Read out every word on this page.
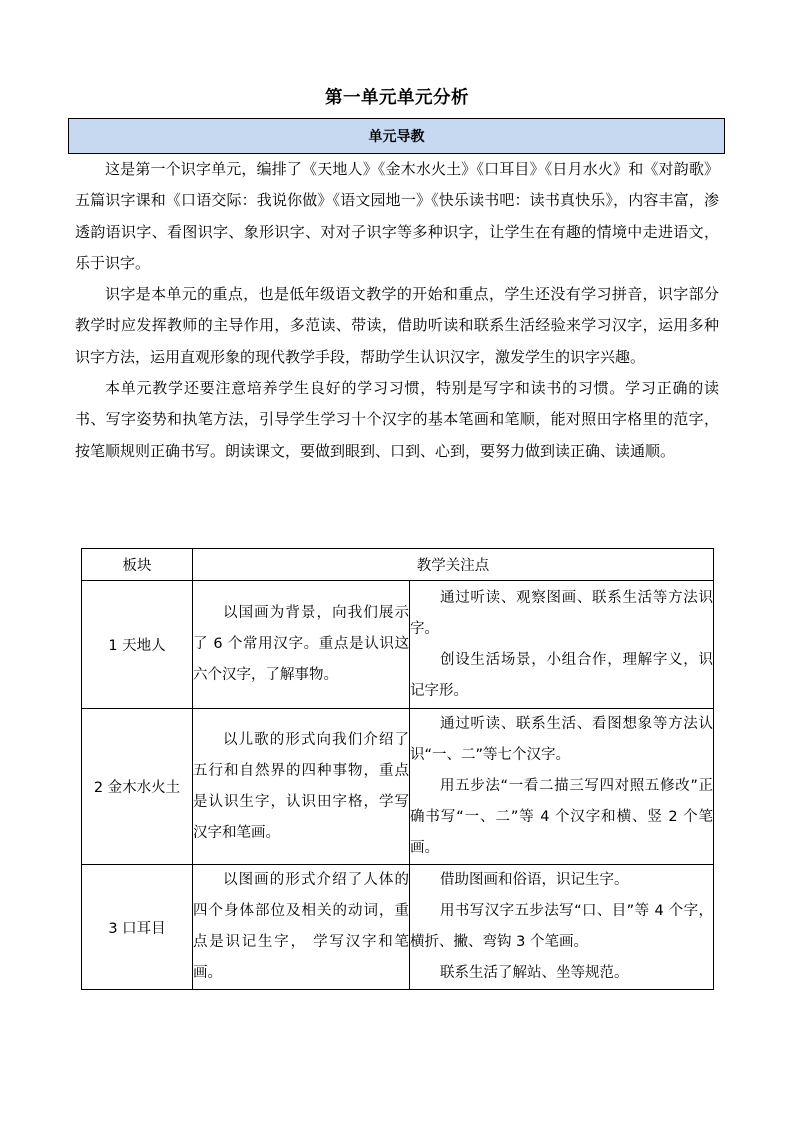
第一单元单元分析
单元导教

这是第一个识字单元，编排了《天地人》《金木水火土》《口耳目》《日月水火》和《对韵歌》五篇识字课和《口语交际：我说你做》《语文园地一》《快乐读书吧：读书真快乐》，内容丰富，渗透韵语识字、看图识字、象形识字、对对子识字等多种识字，让学生在有趣的情境中走进语文，乐于识字。

识字是本单元的重点，也是低年级语文教学的开始和重点，学生还没有学习拼音，识字部分教学时应发挥教师的主导作用，多范读、带读，借助听读和联系生活经验来学习汉字，运用多种识字方法，运用直观形象的现代教学手段，帮助学生认识汉字，激发学生的识字兴趣。

本单元教学还要注意培养学生良好的学习习惯，特别是写字和读书的习惯。学习正确的读书、写字姿势和执笔方法，引导学生学习十个汉字的基本笔画和笔顺，能对照田字格里的范字，按笔顺规则正确书写。朗读课文，要做到眼到、口到、心到，要努力做到读正确、读通顺。

板块	教学关注点	
1 天地人	以国画为背景，向我们展示了 6 个常用汉字。重点是认识这六个汉字，了解事物。	通过听读、观察图画、联系生活等方法识字。

创设生活场景，小组合作，理解字义，识记字形。

2 金木水火土	以儿歌的形式向我们介绍了五行和自然界的四种事物，重点是认识生字，认识田字格，学写汉字和笔画。	通过听读、联系生活、看图想象等方法认识“一、二”等七个汉字。

用五步法“一看二描三写四对照五修改”正确书写“一、二”等 4 个汉字和横、竖 2 个笔画。

3 口耳目	以图画的形式介绍了人体的四个身体部位及相关的动词，重点是识记生字， 学写汉字和笔画。	借助图画和俗语，识记生字。

用书写汉字五步法写“口、目”等 4 个字，横折、撇、弯钩 3 个笔画。

联系生活了解站、坐等规范。
